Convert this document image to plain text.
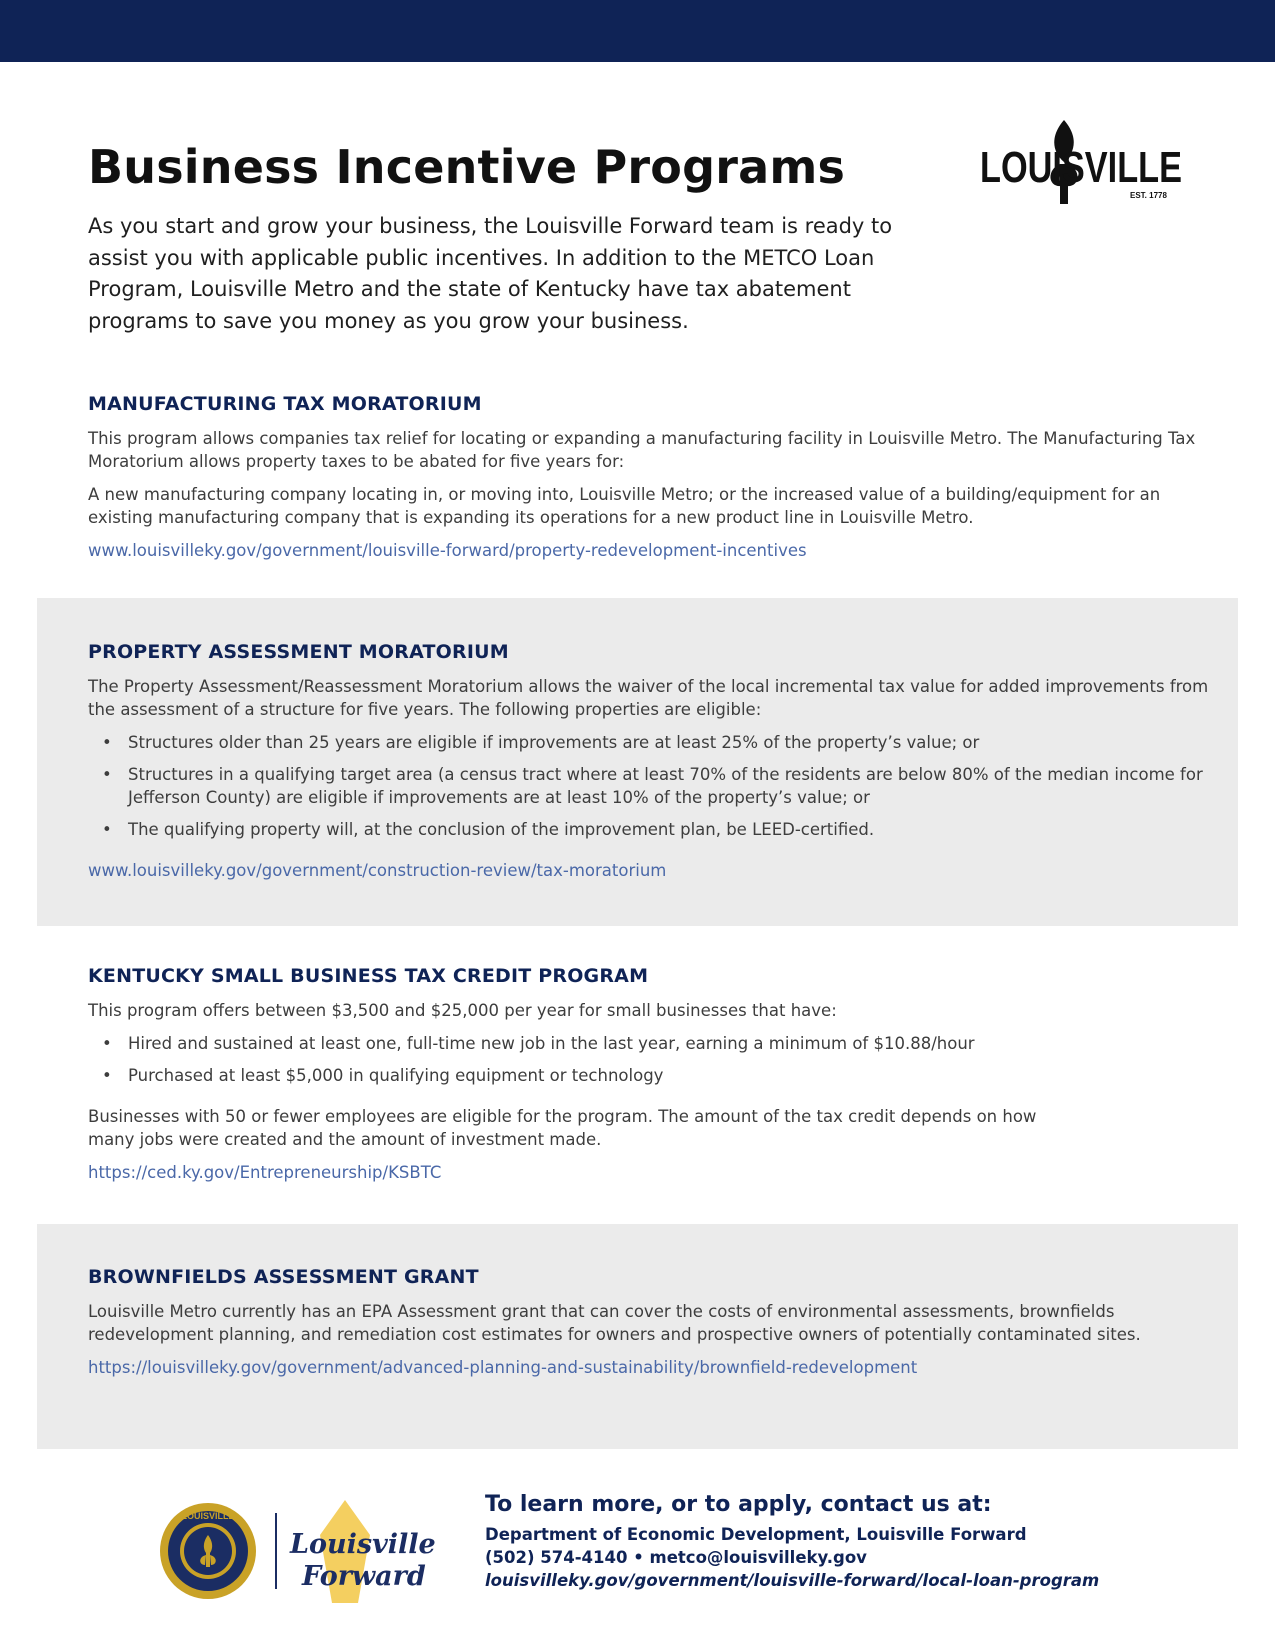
Business Incentive Programs	LOUISVILLE
EST. 1778

As you start and grow your business, the Louisville Forward team is ready to assist you with applicable public incentives. In addition to the METCO Loan Program, Louisville Metro and the state of Kentucky have tax abatement programs to save you money as you grow your business.

MANUFACTURING TAX MORATORIUM

This program allows companies tax relief for locating or expanding a manufacturing facility in Louisville Metro. The Manufacturing Tax Moratorium allows property taxes to be abated for five years for:

A new manufacturing company locating in, or moving into, Louisville Metro; or the increased value of a building/equipment for an existing manufacturing company that is expanding its operations for a new product line in Louisville Metro.

www.louisvilleky.gov/government/louisville-forward/property-redevelopment-incentives
PROPERTY ASSESSMENT MORATORIUM

The Property Assessment/Reassessment Moratorium allows the waiver of the local incremental tax value for added improvements from the assessment of a structure for five years. The following properties are eligible:

• Structures older than 25 years are eligible if improvements are at least 25% of the property’s value; or
• Structures in a qualifying target area (a census tract where at least 70% of the residents are below 80% of the median income for Jefferson County) are eligible if improvements are at least 10% of the property’s value; or
• The qualifying property will, at the conclusion of the improvement plan, be LEED-certified.
www.louisvilleky.gov/government/construction-review/tax-moratorium
KENTUCKY SMALL BUSINESS TAX CREDIT PROGRAM

This program offers between $3,500 and $25,000 per year for small businesses that have:

• Hired and sustained at least one, full-time new job in the last year, earning a minimum of $10.88/hour
• Purchased at least $5,000 in qualifying equipment or technology

Businesses with 50 or fewer employees are eligible for the program. The amount of the tax credit depends on how many jobs were created and the amount of investment made.

https://ced.ky.gov/Entrepreneurship/KSBTC
BROWNFIELDS ASSESSMENT GRANT

Louisville Metro currently has an EPA Assessment grant that can cover the costs of environmental assessments, brownfields redevelopment planning, and remediation cost estimates for owners and prospective owners of potentially contaminated sites.

https://louisvilleky.gov/government/advanced-planning-and-sustainability/brownfield-redevelopment
LOUISVILLE
Louisville
Forward

To learn more, or to apply, contact us at:

Department of Economic Development, Louisville Forward

(502) 574-4140 • metco@louisvilleky.gov

louisvilleky.gov/government/louisville-forward/local-loan-program
